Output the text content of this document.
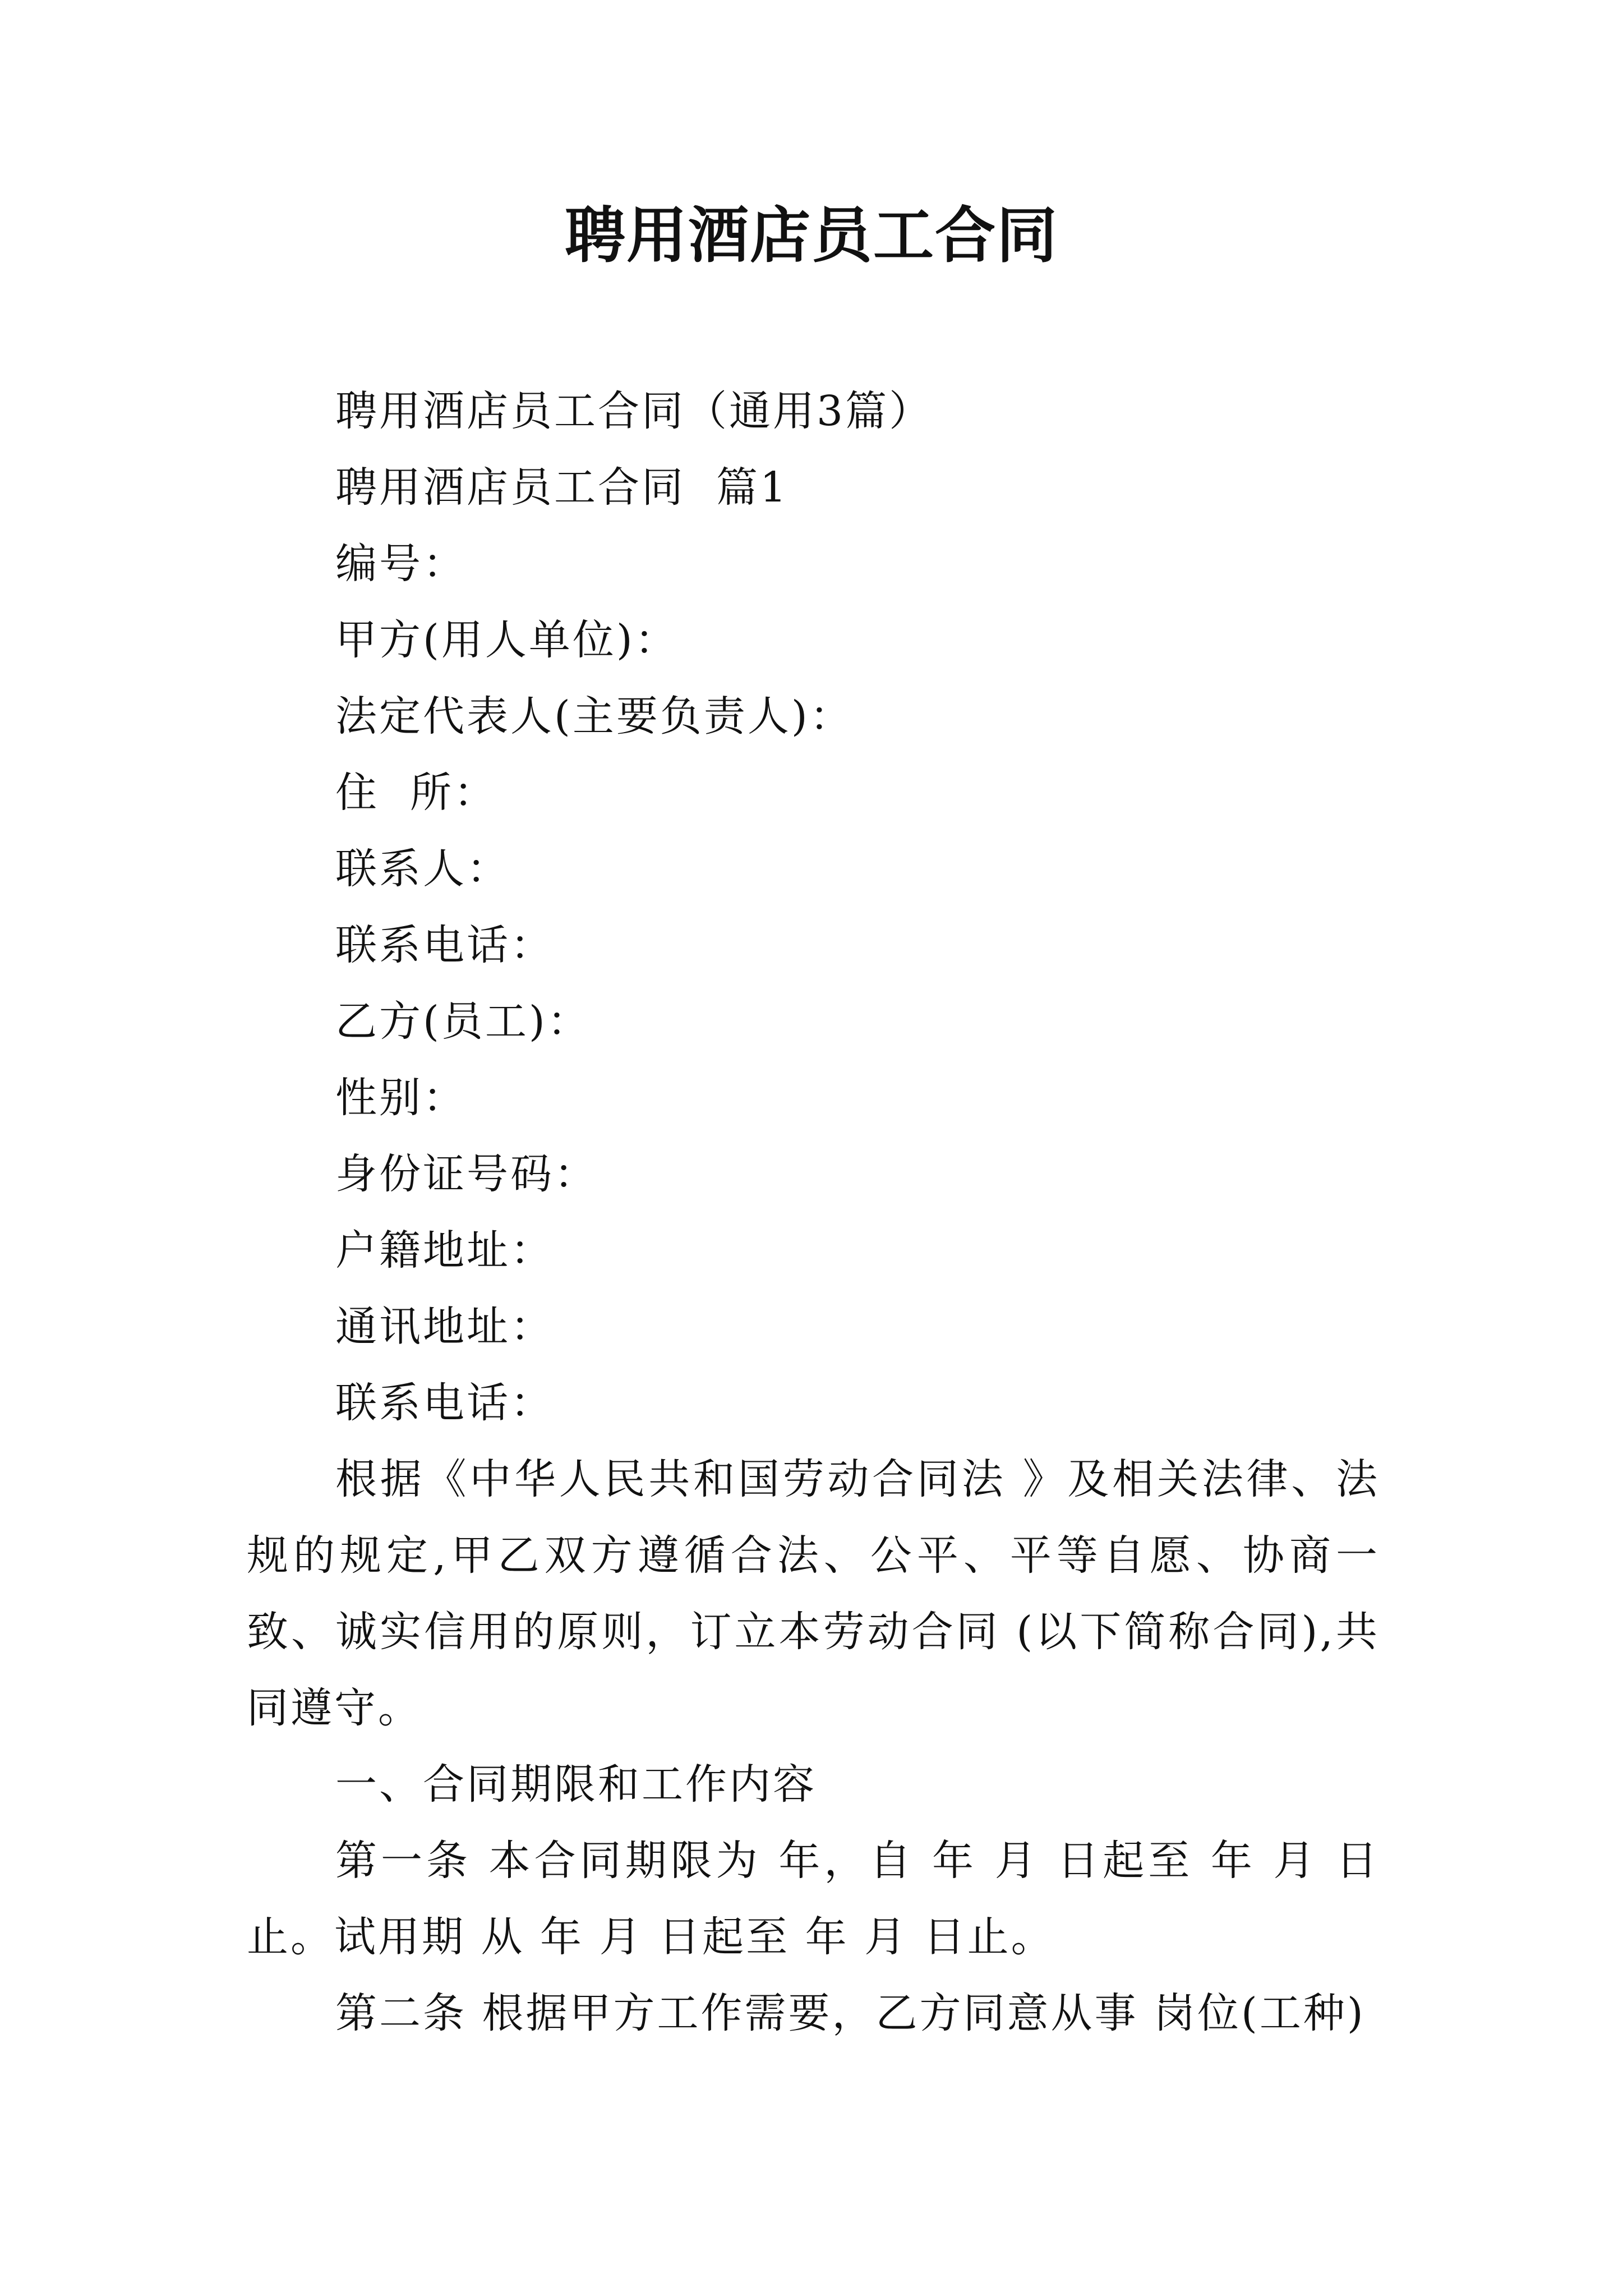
聘用酒店员工合同
聘用酒店员工合同（通用3篇）
聘用酒店员工合同  篇1
编号：
甲方(用人单位)：
法定代表人(主要负责人)：
住  所：
联系人：
联系电话：
乙方(员工)：
性别：
身份证号码：
户籍地址：
通讯地址：
联系电话：
根据《中华人民共和国劳动合同法 》及相关法律、法规的规定,甲乙双方遵循合法、公平、平等自愿、协商一致、诚实信用的原则，订立本劳动合同 (以下简称合同),共同遵守。
一、合同期限和工作内容
第一条 本合同期限为 年，自 年 月 日起至 年 月 日止。试用期 从 年 月 日起至 年 月 日止。
第二条 根据甲方工作需要，乙方同意从事 岗位(工种)
